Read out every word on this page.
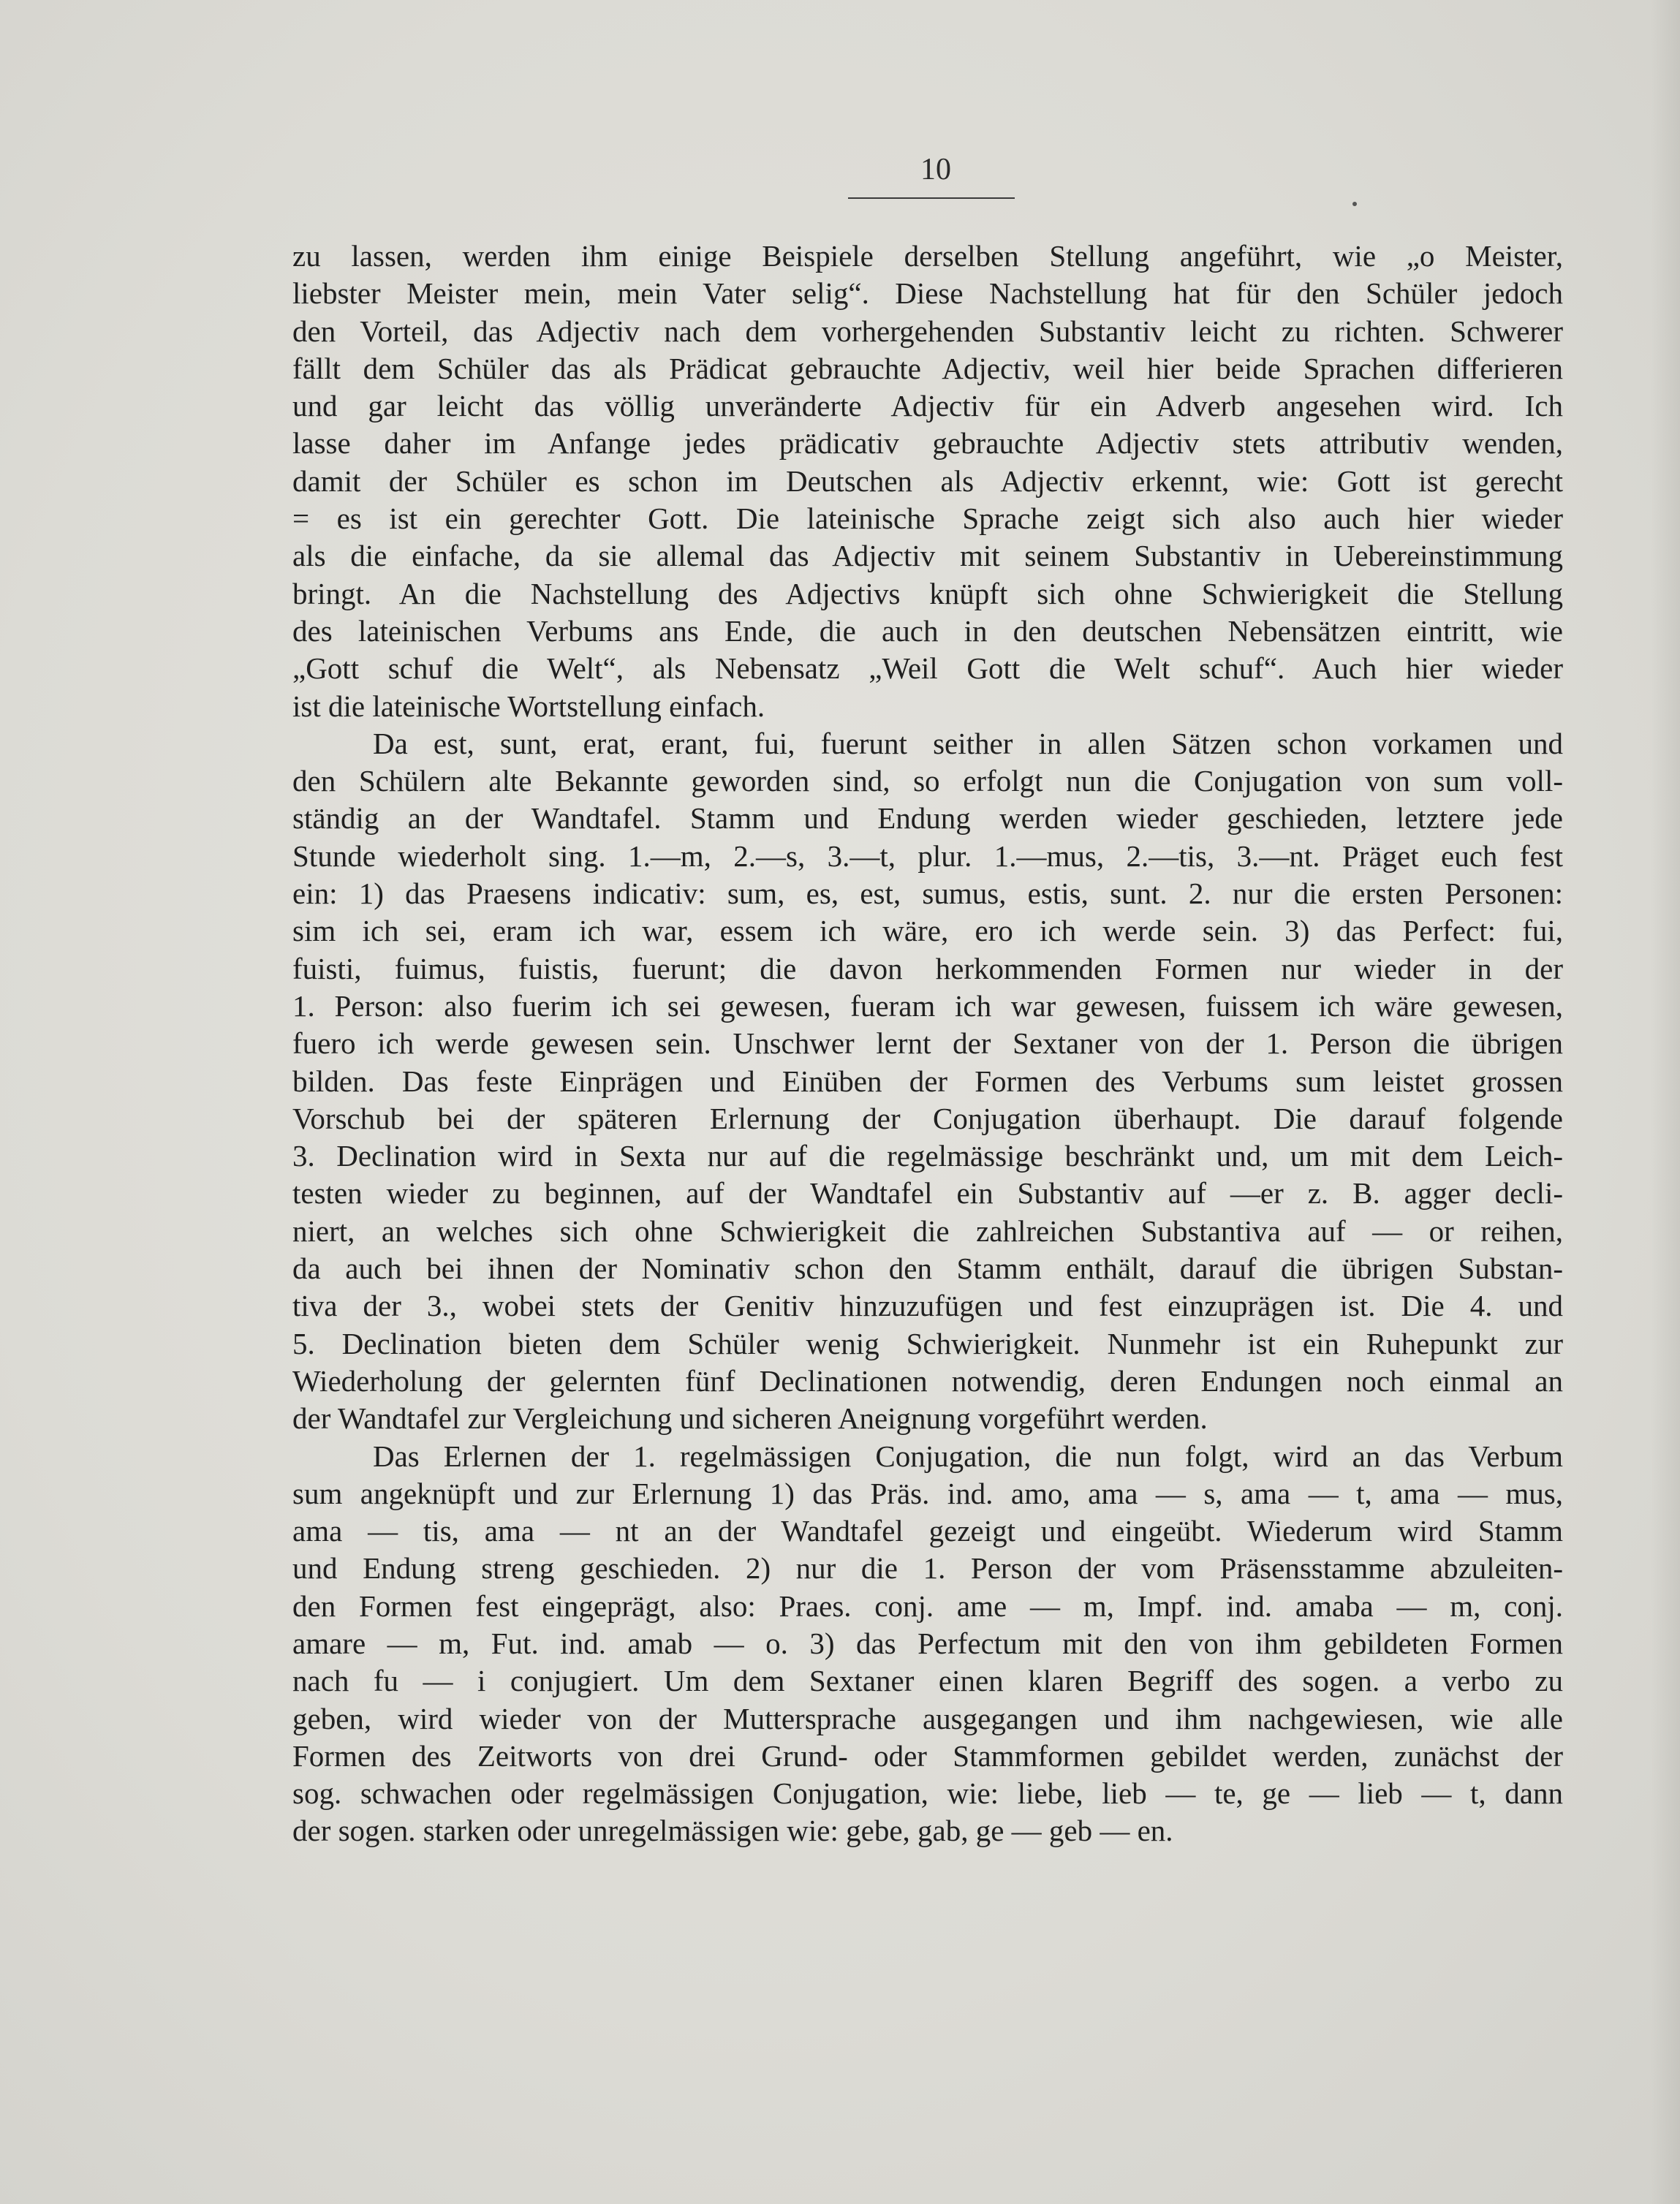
10
zu lassen, werden ihm einige Beispiele derselben Stellung angeführt, wie „o Meister,
liebster Meister mein, mein Vater selig“. Diese Nachstellung hat für den Schüler jedoch
den Vorteil, das Adjectiv nach dem vorhergehenden Substantiv leicht zu richten. Schwerer
fällt dem Schüler das als Prädicat gebrauchte Adjectiv, weil hier beide Sprachen differieren
und gar leicht das völlig unveränderte Adjectiv für ein Adverb angesehen wird. Ich
lasse daher im Anfange jedes prädicativ gebrauchte Adjectiv stets attributiv wenden,
damit der Schüler es schon im Deutschen als Adjectiv erkennt, wie: Gott ist gerecht
= es ist ein gerechter Gott. Die lateinische Sprache zeigt sich also auch hier wieder
als die einfache, da sie allemal das Adjectiv mit seinem Substantiv in Uebereinstimmung
bringt. An die Nachstellung des Adjectivs knüpft sich ohne Schwierigkeit die Stellung
des lateinischen Verbums ans Ende, die auch in den deutschen Nebensätzen eintritt, wie
„Gott schuf die Welt“, als Nebensatz „Weil Gott die Welt schuf“. Auch hier wieder
ist die lateinische Wortstellung einfach.
Da est, sunt, erat, erant, fui, fuerunt seither in allen Sätzen schon vorkamen und
den Schülern alte Bekannte geworden sind, so erfolgt nun die Conjugation von sum voll-
ständig an der Wandtafel. Stamm und Endung werden wieder geschieden, letztere jede
Stunde wiederholt sing. 1.—m, 2.—s, 3.—t, plur. 1.—mus, 2.—tis, 3.—nt. Präget euch fest
ein: 1) das Praesens indicativ: sum, es, est, sumus, estis, sunt. 2. nur die ersten Personen:
sim ich sei, eram ich war, essem ich wäre, ero ich werde sein. 3) das Perfect: fui,
fuisti, fuimus, fuistis, fuerunt; die davon herkommenden Formen nur wieder in der
1. Person: also fuerim ich sei gewesen, fueram ich war gewesen, fuissem ich wäre gewesen,
fuero ich werde gewesen sein. Unschwer lernt der Sextaner von der 1. Person die übrigen
bilden. Das feste Einprägen und Einüben der Formen des Verbums sum leistet grossen
Vorschub bei der späteren Erlernung der Conjugation überhaupt. Die darauf folgende
3. Declination wird in Sexta nur auf die regelmässige beschränkt und, um mit dem Leich-
testen wieder zu beginnen, auf der Wandtafel ein Substantiv auf —er z. B. agger decli-
niert, an welches sich ohne Schwierigkeit die zahlreichen Substantiva auf — or reihen,
da auch bei ihnen der Nominativ schon den Stamm enthält, darauf die übrigen Substan-
tiva der 3., wobei stets der Genitiv hinzuzufügen und fest einzuprägen ist. Die 4. und
5. Declination bieten dem Schüler wenig Schwierigkeit. Nunmehr ist ein Ruhepunkt zur
Wiederholung der gelernten fünf Declinationen notwendig, deren Endungen noch einmal an
der Wandtafel zur Vergleichung und sicheren Aneignung vorgeführt werden.
Das Erlernen der 1. regelmässigen Conjugation, die nun folgt, wird an das Verbum
sum angeknüpft und zur Erlernung 1) das Präs. ind. amo, ama — s, ama — t, ama — mus,
ama — tis, ama — nt an der Wandtafel gezeigt und eingeübt. Wiederum wird Stamm
und Endung streng geschieden. 2) nur die 1. Person der vom Präsensstamme abzuleiten-
den Formen fest eingeprägt, also: Praes. conj. ame — m, Impf. ind. amaba — m, conj.
amare — m, Fut. ind. amab — o. 3) das Perfectum mit den von ihm gebildeten Formen
nach fu — i conjugiert. Um dem Sextaner einen klaren Begriff des sogen. a verbo zu
geben, wird wieder von der Muttersprache ausgegangen und ihm nachgewiesen, wie alle
Formen des Zeitworts von drei Grund- oder Stammformen gebildet werden, zunächst der
sog. schwachen oder regelmässigen Conjugation, wie: liebe, lieb — te, ge — lieb — t, dann
der sogen. starken oder unregelmässigen wie: gebe, gab, ge — geb — en.
